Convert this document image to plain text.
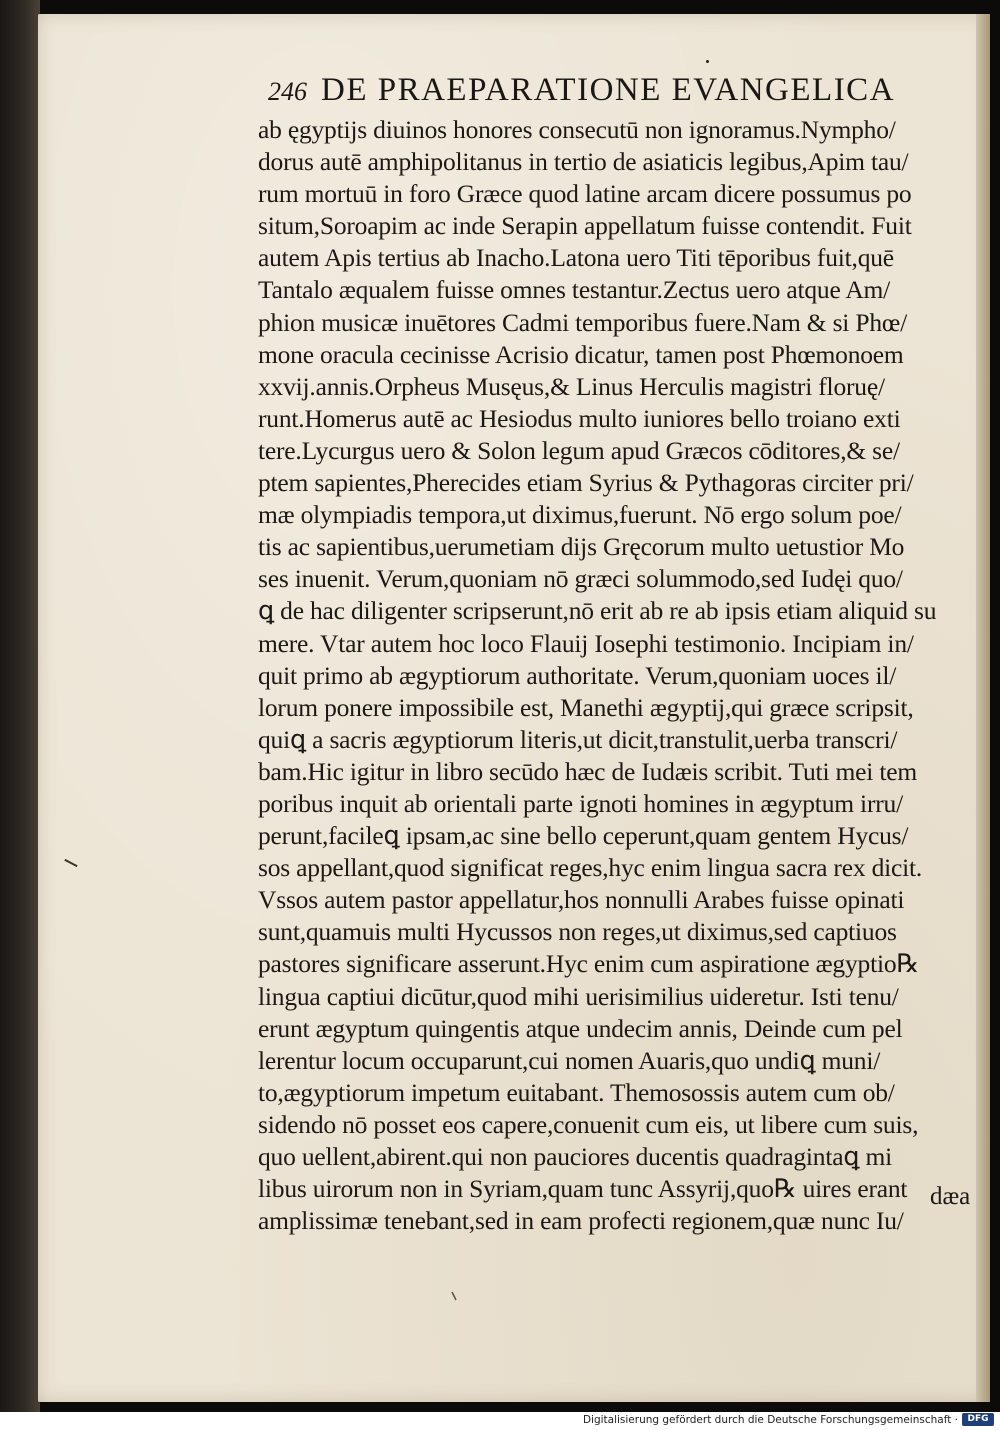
246 DE PRAEPARATIONE EVANGELICA
ab ęgyptijs diuinos honores consecutū non ignoramus.Nympho/
dorus autē amphipolitanus in tertio de asiaticis legibus,Apim tau/
rum mortuū in foro Græce quod latine arcam dicere possumus po
situm,Soroapim ac inde Serapin appellatum fuisse contendit. Fuit
autem Apis tertius ab Inacho.Latona uero Titi tēporibus fuit,quē
Tantalo æqualem fuisse omnes testantur.Zectus uero atque Am/
phion musicæ inuētores Cadmi temporibus fuere.Nam & si Phœ/
mone oracula cecinisse Acrisio dicatur, tamen post Phœmonoem
xxvij.annis.Orpheus Musęus,& Linus Herculis magistri floruę/
runt.Homerus autē ac Hesiodus multo iuniores bello troiano exti
tere.Lycurgus uero & Solon legum apud Græcos cōditores,& se/
ptem sapientes,Pherecides etiam Syrius & Pythagoras circiter pri/
mæ olympiadis tempora,ut diximus,fuerunt. Nō ergo solum poe/
tis ac sapientibus,uerumetiam dijs Gręcorum multo uetustior Mo
ses inuenit. Verum,quoniam nō græci solummodo,sed Iudęi quo/
ꝗ de hac diligenter scripserunt,nō erit ab re ab ipsis etiam aliquid su
mere. Vtar autem hoc loco Flauij Iosephi testimonio. Incipiam in/
quit primo ab ægyptiorum authoritate. Verum,quoniam uoces il/
lorum ponere impossibile est, Manethi ægyptij,qui græce scripsit,
quiꝗ a sacris ægyptiorum literis,ut dicit,transtulit,uerba transcri/
bam.Hic igitur in libro secūdo hæc de Iudæis scribit. Tuti mei tem
poribus inquit ab orientali parte ignoti homines in ægyptum irru/
perunt,facileꝗ ipsam,ac sine bello ceperunt,quam gentem Hycus/
sos appellant,quod significat reges,hyc enim lingua sacra rex dicit.
Vssos autem pastor appellatur,hos nonnulli Arabes fuisse opinati
sunt,quamuis multi Hycussos non reges,ut diximus,sed captiuos
pastores significare asserunt.Hyc enim cum aspiratione ægyptio℞
lingua captiui dicūtur,quod mihi uerisimilius uideretur. Isti tenu/
erunt ægyptum quingentis atque undecim annis, Deinde cum pel
lerentur locum occuparunt,cui nomen Auaris,quo undiꝗ muni/
to,ægyptiorum impetum euitabant. Themosossis autem cum ob/
sidendo nō posset eos capere,conuenit cum eis, ut libere cum suis,
quo uellent,abirent.qui non pauciores ducentis quadragintaꝗ mi
libus uirorum non in Syriam,quam tunc Assyrij,quo℞ uires erant
amplissimæ tenebant,sed in eam profecti regionem,quæ nunc Iu/
dæa
Digitalisierung gefördert durch die Deutsche Forschungsgemeinschaft ·	DFG
